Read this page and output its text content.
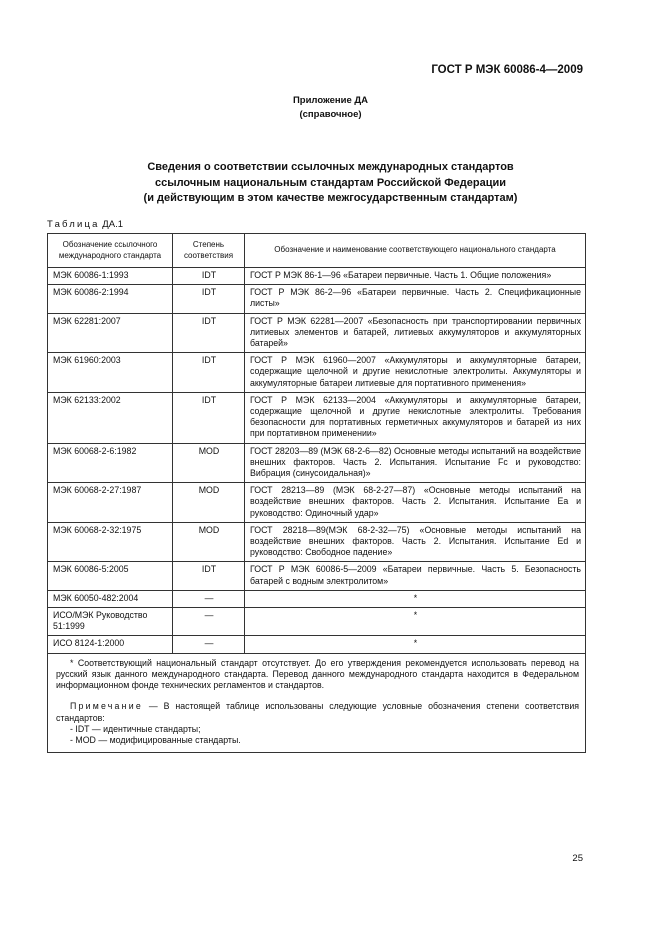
ГОСТ Р МЭК 60086-4—2009
Приложение ДА
(справочное)
Сведения о соответствии ссылочных международных стандартов
ссылочным национальным стандартам Российской Федерации
(и действующим в этом качестве межгосударственным стандартам)
Таблица ДА.1
Обозначение ссылочного международного стандарта	Степень соответствия	Обозначение и наименование соответствующего национального стандарта
МЭК 60086-1:1993	IDT	ГОСТ Р МЭК 86-1—96 «Батареи первичные. Часть 1. Общие положения»
МЭК 60086-2:1994	IDT	ГОСТ Р МЭК 86-2—96 «Батареи первичные. Часть 2. Спецификационные листы»
МЭК 62281:2007	IDT	ГОСТ Р МЭК 62281—2007 «Безопасность при транспортировании первичных литиевых элементов и батарей, литиевых аккумуляторов и аккумуляторных батарей»
МЭК 61960:2003	IDT	ГОСТ Р МЭК 61960—2007 «Аккумуляторы и аккумуляторные батареи, содержащие щелочной и другие некислотные электролиты. Аккумуляторы и аккумуляторные батареи литиевые для портативного применения»
МЭК 62133:2002	IDT	ГОСТ Р МЭК 62133—2004 «Аккумуляторы и аккумуляторные батареи, содержащие щелочной и другие некислотные электролиты. Требования безопасности для портативных герметичных аккумуляторов и батарей из них при портативном применении»
МЭК 60068-2-6:1982	MOD	ГОСТ 28203—89 (МЭК 68-2-6—82) Основные методы испытаний на воздействие внешних факторов. Часть 2. Испытания. Испытание Fc и руководство: Вибрация (синусоидальная)»
МЭК 60068-2-27:1987	MOD	ГОСТ 28213—89 (МЭК 68-2-27—87) «Основные методы испытаний на воздействие внешних факторов. Часть 2. Испытания. Испытание Ea и руководство: Одиночный удар»
МЭК 60068-2-32:1975	MOD	ГОСТ 28218—89(МЭК 68-2-32—75) «Основные методы испытаний на воздействие внешних факторов. Часть 2. Испытания. Испытание Ed и руководство: Свободное падение»
МЭК 60086-5:2005	IDT	ГОСТ Р МЭК 60086-5—2009 «Батареи первичные. Часть 5. Безопасность батарей с водным электролитом»
МЭК 60050-482:2004	—	*
ИСО/МЭК Руководство 51:1999	—	*
ИСО 8124-1:2000	—	*

* Соответствующий национальный стандарт отсутствует. До его утверждения рекомендуется использовать перевод на русский язык данного международного стандарта. Перевод данного международного стандарта находится в Федеральном информационном фонде технических регламентов и стандартов.
Примечание — В настоящей таблице использованы следующие условные обозначения степени соответствия стандартов:
- IDT — идентичные стандарты;
- MOD — модифицированные стандарты.		
25
